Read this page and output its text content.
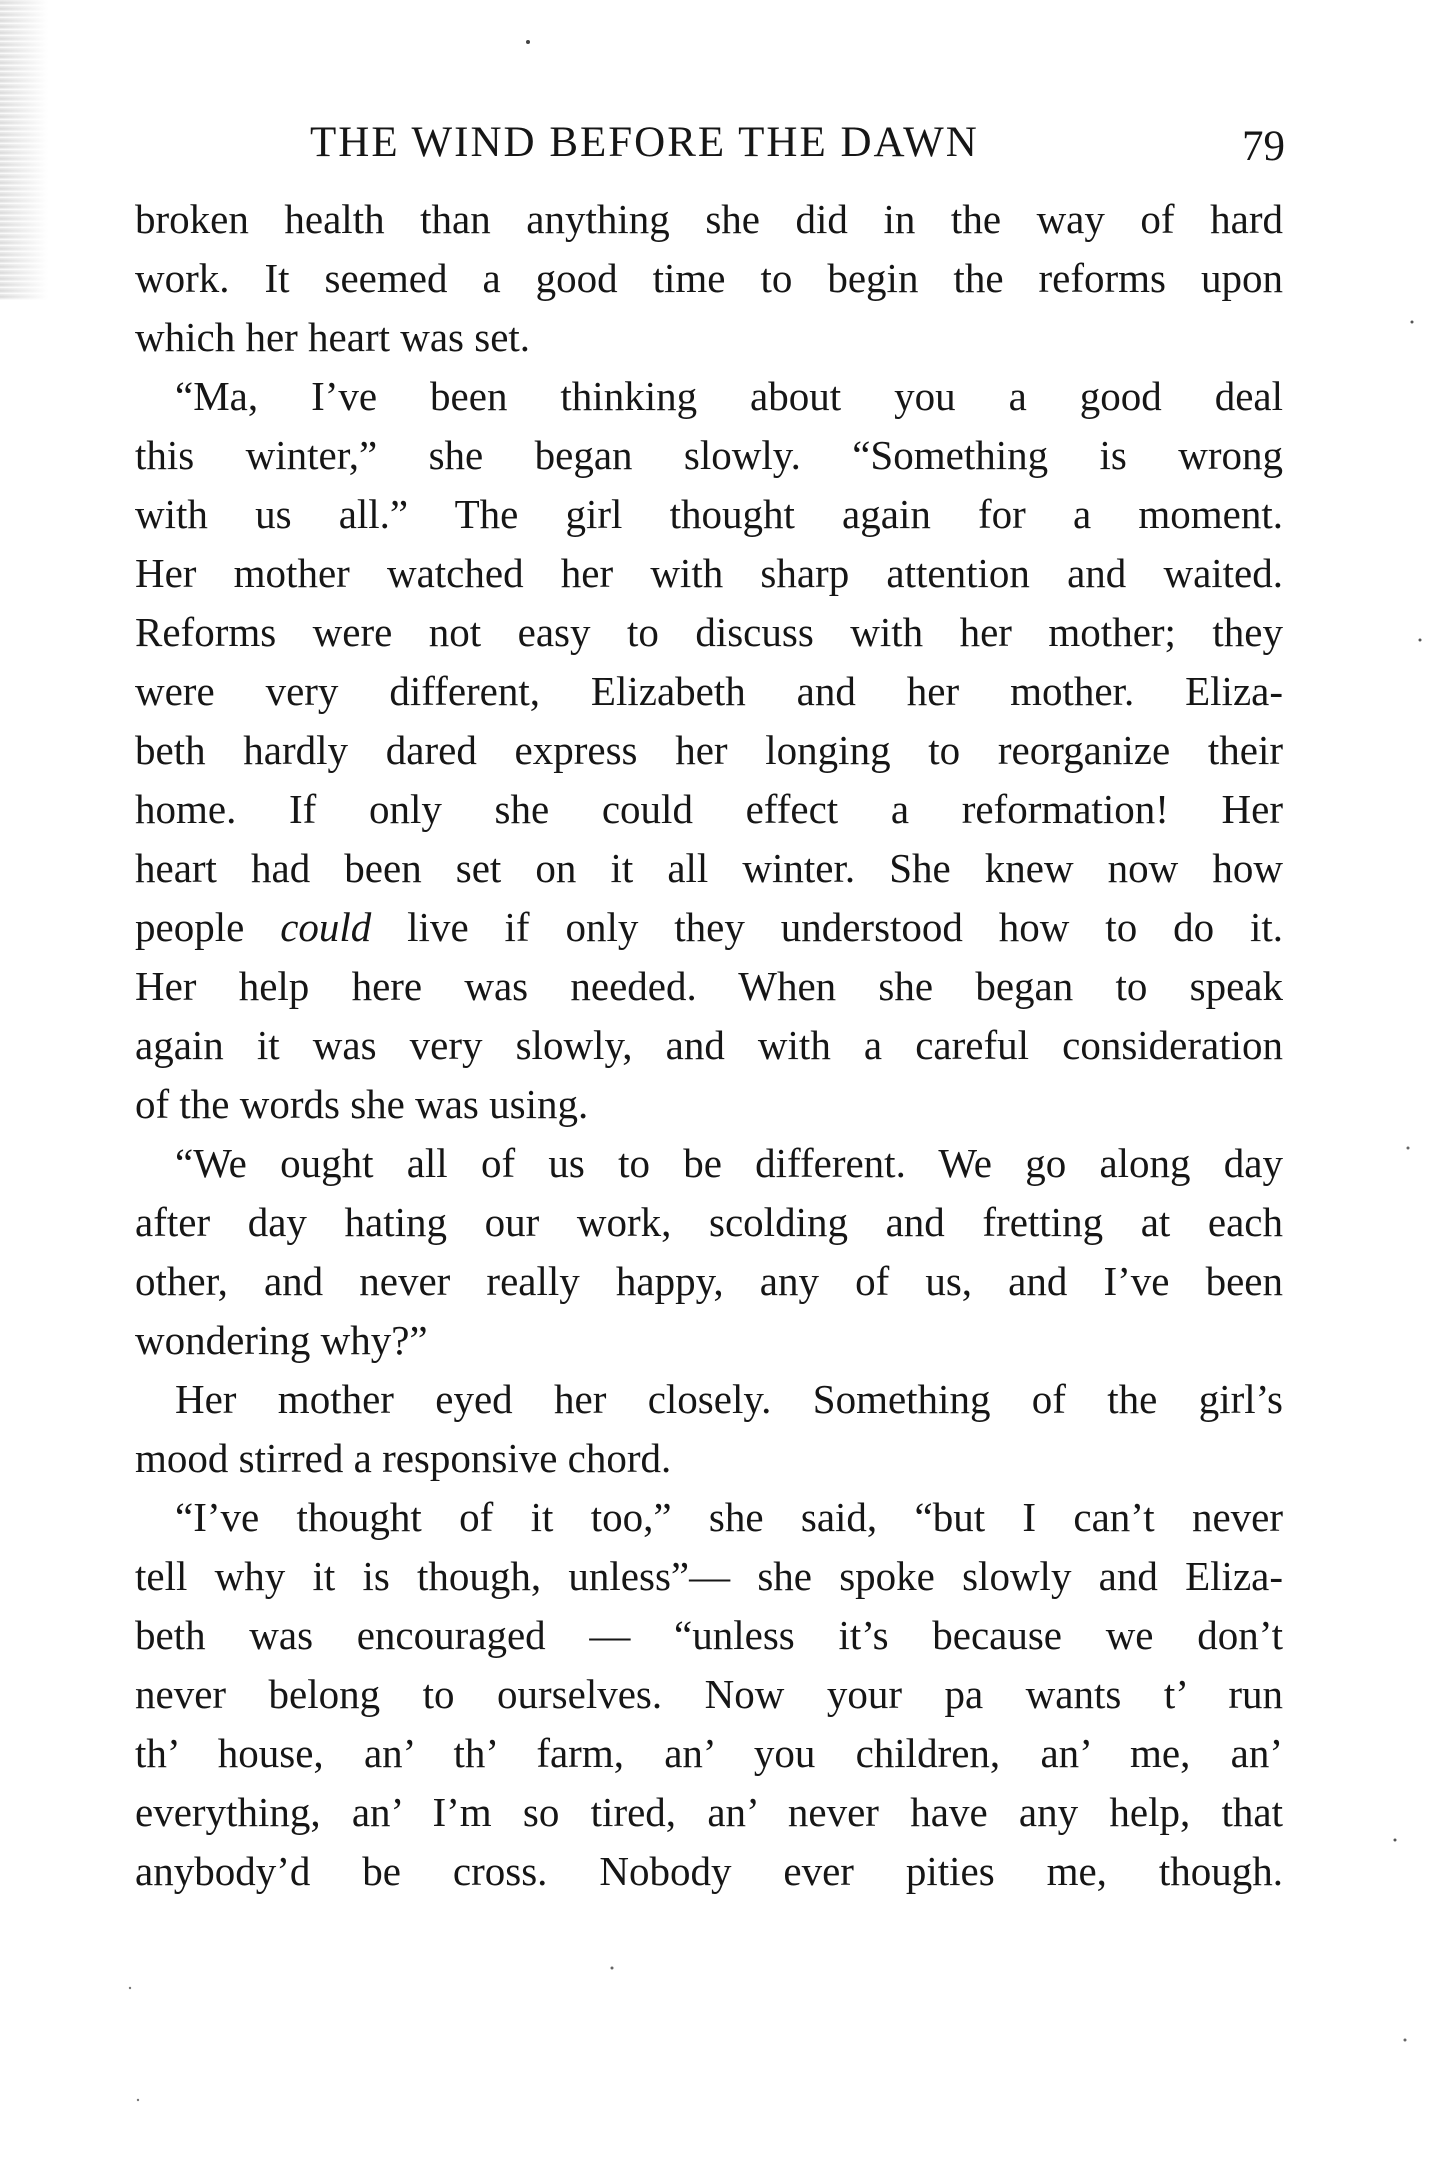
THE WIND BEFORE THE DAWN	79

broken health than anything she did in the way of hard
work. It seemed a good time to begin the reforms upon
which her heart was set.

“Ma, I’ve been thinking about you a good deal
this winter,” she began slowly. “Something is wrong
with us all.” The girl thought again for a moment.
Her mother watched her with sharp attention and waited.
Reforms were not easy to discuss with her mother; they
were very different, Elizabeth and her mother. Eliza-
beth hardly dared express her longing to reorganize their
home. If only she could effect a reformation! Her
heart had been set on it all winter. She knew now how
people could live if only they understood how to do it.
Her help here was needed. When she began to speak
again it was very slowly, and with a careful consideration
of the words she was using.

“We ought all of us to be different. We go along day
after day hating our work, scolding and fretting at each
other, and never really happy, any of us, and I’ve been
wondering why?”

Her mother eyed her closely. Something of the girl’s
mood stirred a responsive chord.

“I’ve thought of it too,” she said, “but I can’t never
tell why it is though, unless”— she spoke slowly and Eliza-
beth was encouraged — “unless it’s because we don’t
never belong to ourselves. Now your pa wants t’ run
th’ house, an’ th’ farm, an’ you children, an’ me, an’
everything, an’ I’m so tired, an’ never have any help, that
anybody’d be cross. Nobody ever pities me, though.
